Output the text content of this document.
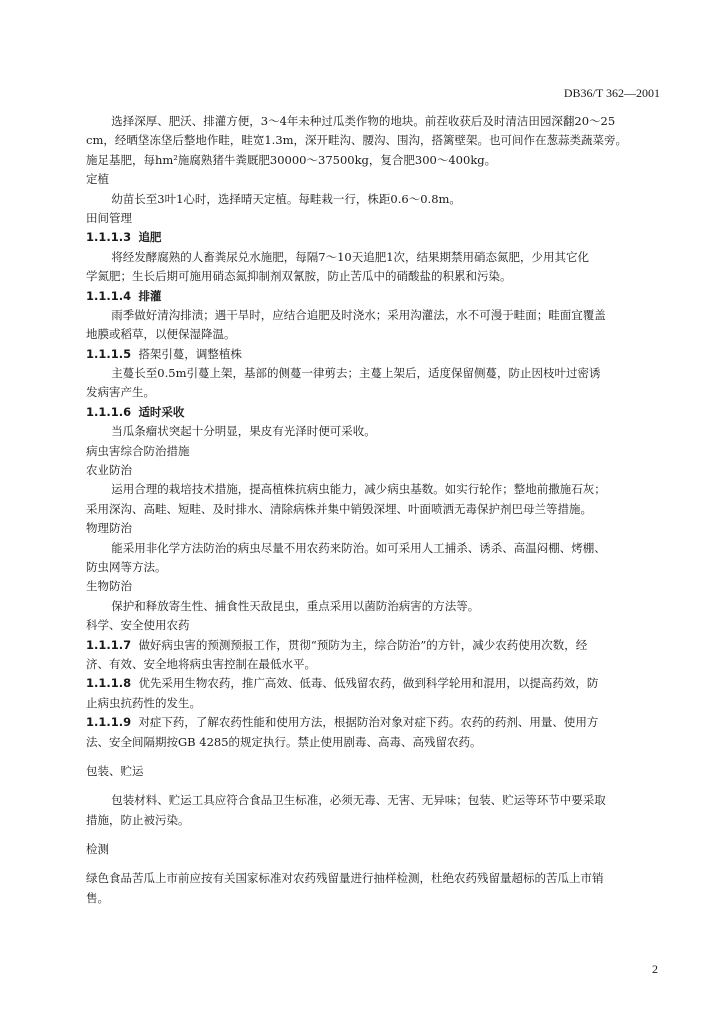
DB36/T 362—2001
选择深厚、肥沃、排灌方便，3～4年未种过瓜类作物的地块。前茬收获后及时清洁田园深翻20～25
cm，经晒垡冻垡后整地作畦，畦宽1.3m，深开畦沟、腰沟、围沟，搭篱壁架。也可间作在葱蒜类蔬菜旁。
施足基肥，每hm²施腐熟猪牛粪厩肥30000～37500kg，复合肥300～400kg。
定植
幼苗长至3叶1心时，选择晴天定植。每畦栽一行，株距0.6～0.8m。
田间管理
1.1.1.3 追肥
将经发酵腐熟的人畜粪尿兑水施肥，每隔7～10天追肥1次，结果期禁用硝态氮肥，少用其它化
学氮肥；生长后期可施用硝态氮抑制剂双氰胺，防止苦瓜中的硝酸盐的积累和污染。
1.1.1.4 排灌
雨季做好清沟排渍；遇干旱时，应结合追肥及时浇水；采用沟灌法，水不可漫于畦面；畦面宜覆盖
地膜或稻草，以便保湿降温。
1.1.1.5 搭架引蔓，调整植株
主蔓长至0.5m引蔓上架，基部的侧蔓一律剪去；主蔓上架后，适度保留侧蔓，防止因枝叶过密诱
发病害产生。
1.1.1.6 适时采收
当瓜条瘤状突起十分明显，果皮有光泽时便可采收。
病虫害综合防治措施
农业防治
运用合理的栽培技术措施，提高植株抗病虫能力，减少病虫基数。如实行轮作；整地前撒施石灰；
采用深沟、高畦、短畦、及时排水、清除病株并集中销毁深埋、叶面喷洒无毒保护剂巴母兰等措施。
物理防治
能采用非化学方法防治的病虫尽量不用农药来防治。如可采用人工捕杀、诱杀、高温闷棚、烤棚、
防虫网等方法。
生物防治
保护和释放寄生性、捕食性天敌昆虫，重点采用以菌防治病害的方法等。
科学、安全使用农药
1.1.1.7 做好病虫害的预测预报工作，贯彻“预防为主，综合防治”的方针，减少农药使用次数，经
济、有效、安全地将病虫害控制在最低水平。
1.1.1.8 优先采用生物农药，推广高效、低毒、低残留农药，做到科学轮用和混用，以提高药效，防
止病虫抗药性的发生。
1.1.1.9 对症下药，了解农药性能和使用方法，根据防治对象对症下药。农药的药剂、用量、使用方
法、安全间隔期按GB 4285的规定执行。禁止使用剧毒、高毒、高残留农药。
包装、贮运
包装材料、贮运工具应符合食品卫生标准，必须无毒、无害、无异味；包装、贮运等环节中要采取
措施，防止被污染。
检测
绿色食品苦瓜上市前应按有关国家标准对农药残留量进行抽样检测，杜绝农药残留量超标的苦瓜上市销
售。
2
